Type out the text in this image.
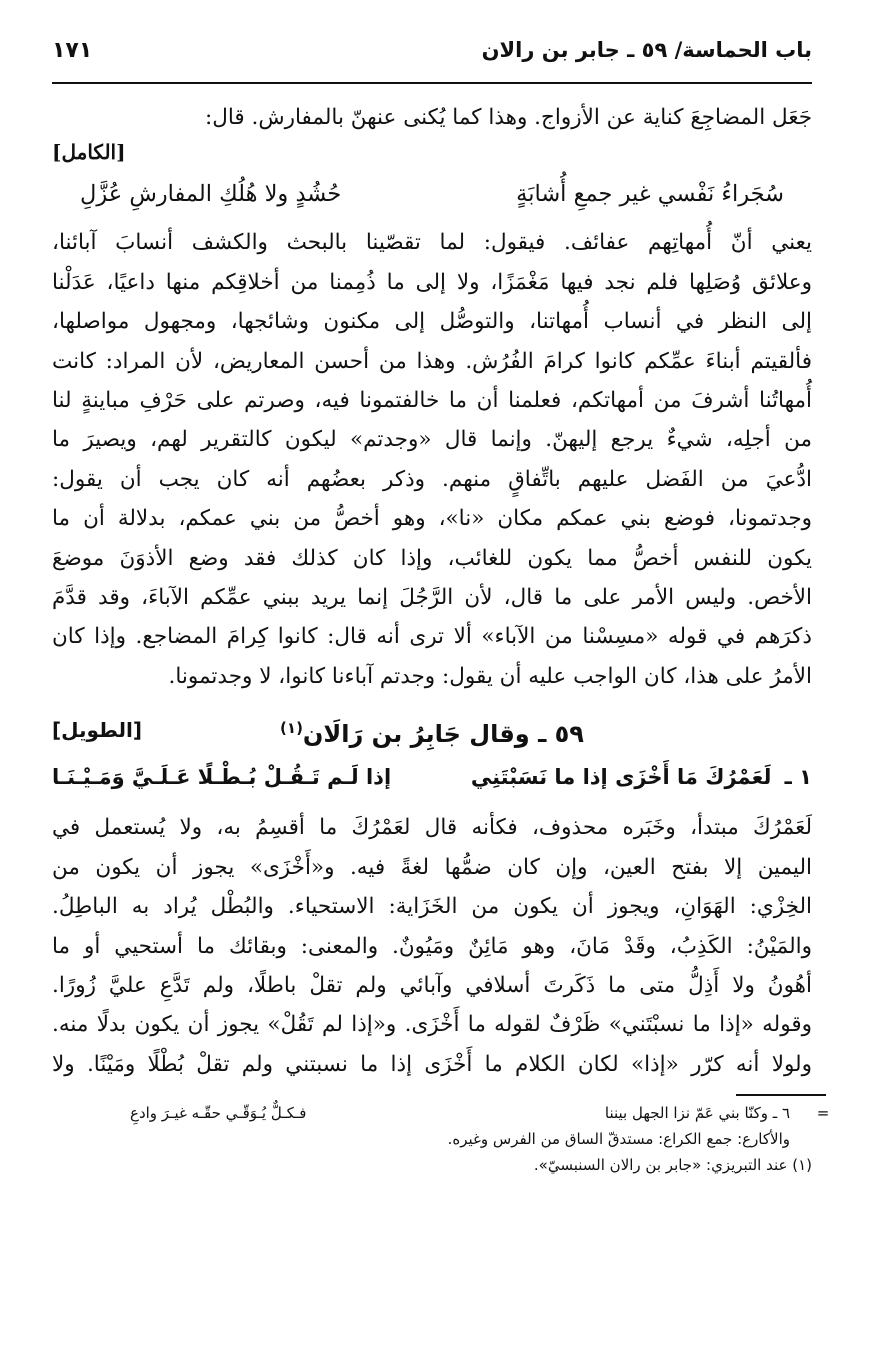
باب الحماسة/ ٥٩ ـ جابر بن رالان
١٧١

جَعَل المضاجِعَ كناية عن الأزواج. وهذا كما يُكنى عنهنّ بالمفارش. قال:

[الكامل]
سُجَراءُ نَفْسي غير جمعِ أُشابَةٍ
حُشُدٍ ولا هُلُكِ المفارشِ عُزَّلِ

يعني أنّ أُمهاتِهم عفائف. فيقول: لما تقصّينا بالبحث والكشف أنسابَ آبائنا،

وعلائق وُصَلِها فلم نجد فيها مَغْمَزًا، ولا إلى ما ذُمِمنا من أخلاقِكم منها داعيًا، عَدَلْنا

إلى النظر في أنساب أُمهاتنا، والتوصُّل إلى مكنون وشائجها، ومجهول مواصلها،

فألقيتم أبناءَ عمِّكم كانوا كرامَ الفُرُش. وهذا من أحسن المعاريض، لأن المراد: كانت

أُمهاتُنا أشرفَ من أمهاتكم، فعلمنا أن ما خالفتمونا فيه، وصرتم على حَرْفِ مباينةٍ لنا

من أجلِه، شيءٌ يرجع إليهنّ. وإنما قال «وجدتم» ليكون كالتقرير لهم، ويصيرَ ما

ادُّعيَ من الفَضل عليهم باتِّفاقٍ منهم. وذكر بعضُهم أنه كان يجب أن يقول:

وجدتمونا، فوضع بني عمكم مكان «نا»، وهو أخصُّ من بني عمكم، بدلالة أن ما

يكون للنفس أخصُّ مما يكون للغائب، وإذا كان كذلك فقد وضع الأذوَنَ موضعَ

الأخص. وليس الأمر على ما قال، لأن الرَّجُلَ إنما يريد ببني عمِّكم الآباءَ، وقد قدَّمَ

ذكرَهم في قوله «مسِسْنا من الآباء» ألا ترى أنه قال: كانوا كِرامَ المضاجع. وإذا كان

الأمرُ على هذا، كان الواجب عليه أن يقول: وجدتم آباءنا كانوا، لا وجدتمونا.

٥٩ ـ وقال جَابِرُ بن رَالَان$^{(١)}$
[الطويل]
١ ـ لَعَمْرُكَ مَا أَخْزَى إذا ما نَسَبْتَنِي
إذا لَـم تَـقُـلْ بُـطْـلًا عَـلَـيَّ وَمَـيْـنَـا

لَعَمْرُكَ مبتدأ، وخَبَره محذوف، فكأنه قال لعَمْرُكَ ما أقسِمُ به، ولا يُستعمل في

اليمين إلا بفتح العين، وإن كان ضمُّها لغةً فيه. و«أَخْزَى» يجوز أن يكون من

الخِزْي: الهَوَانِ، ويجوز أن يكون من الخَزَاية: الاستحياء. والبُطْل يُراد به الباطِلُ.

والمَيْنُ: الكَذِبُ، وقَدْ مَانَ، وهو مَائِنٌ ومَيُونٌ. والمعنى: وبقائك ما أستحيي أو ما

أهُونُ ولا أَذِلُّ متى ما ذَكَرتَ أسلافي وآبائي ولم تقلْ باطلًا، ولم تَدَّعِ عليَّ زُورًا.

وقوله «إذا ما نسبْتَني» ظَرْفٌ لقوله ما أَخْزَى. و«إذا لم تَقُلْ» يجوز أن يكون بدلًا منه.

ولولا أنه كرّر «إذا» لكان الكلام ما أَخْزَى إذا ما نسبتني ولم تقلْ بُطْلًا ومَيْنًا. ولا

=
٦ ـ وكنّا بني عَمّ نزا الجهل بيننا
فـكـلٌّ يُـوَقّـي حقّـه غيـرَ وادعِ
والأكارع: جمع الكراع: مستدقّ الساق من الفرس وغيره.
(١) عند التبريزي: «جابر بن رالان السنبسيّ».
